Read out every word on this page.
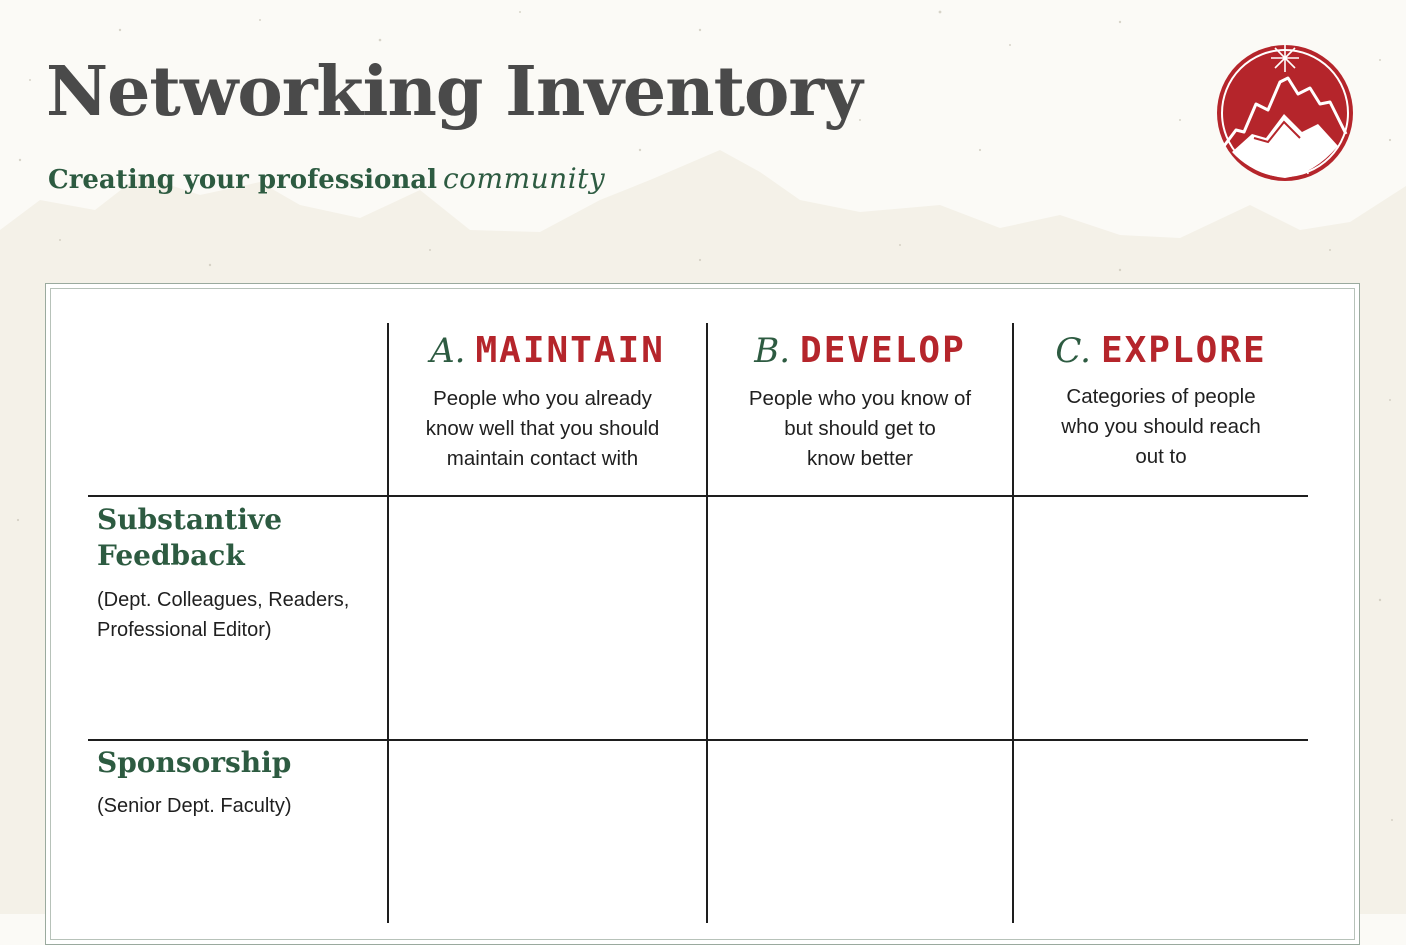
Networking Inventory
Creating your professional community
A. MAINTAIN
People who you already
know well that you should
maintain contact with
B. DEVELOP
People who you know of
but should get to
know better
C. EXPLORE
Categories of people
who you should reach
out to
Substantive
Feedback
(Dept. Colleagues, Readers,
Professional Editor)
Sponsorship
(Senior Dept. Faculty)
